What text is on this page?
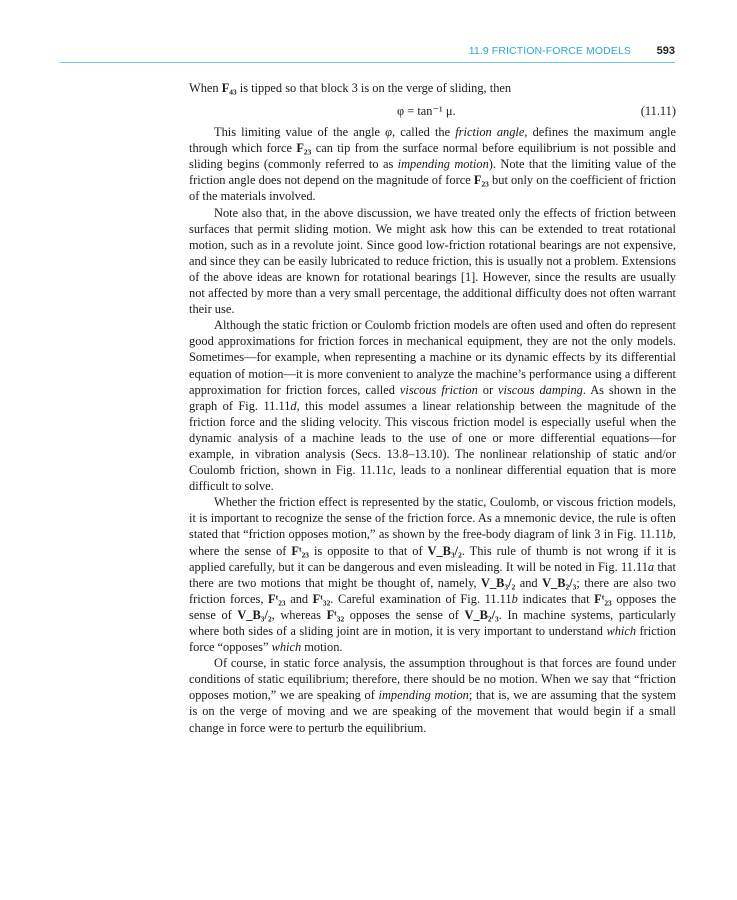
11.9 FRICTION-FORCE MODELS 593

When F₄₃ is tipped so that block 3 is on the verge of sliding, then

φ = tan⁻¹ μ.	(11.11)

This limiting value of the angle φ, called the friction angle, defines the maximum angle through which force F₂₃ can tip from the surface normal before equilibrium is not possible and sliding begins (commonly referred to as impending motion). Note that the limiting value of the friction angle does not depend on the magnitude of force F₂₃ but only on the coefficient of friction of the materials involved.

Note also that, in the above discussion, we have treated only the effects of friction between surfaces that permit sliding motion. We might ask how this can be extended to treat rotational motion, such as in a revolute joint. Since good low-friction rotational bearings are not expensive, and since they can be easily lubricated to reduce friction, this is usually not a problem. Extensions of the above ideas are known for rotational bearings [1]. However, since the results are usually not affected by more than a very small percentage, the additional difficulty does not often warrant their use.

Although the static friction or Coulomb friction models are often used and often do represent good approximations for friction forces in mechanical equipment, they are not the only models. Sometimes—for example, when representing a machine or its dynamic effects by its differential equation of motion—it is more convenient to analyze the machine’s performance using a different approximation for friction forces, called viscous friction or viscous damping. As shown in the graph of Fig. 11.11d, this model assumes a linear relationship between the magnitude of the friction force and the sliding velocity. This viscous friction model is especially useful when the dynamic analysis of a machine leads to the use of one or more differential equations—for example, in vibration analysis (Secs. 13.8–13.10). The nonlinear relationship of static and/or Coulomb friction, shown in Fig. 11.11c, leads to a nonlinear differential equation that is more difficult to solve.

Whether the friction effect is represented by the static, Coulomb, or viscous friction models, it is important to recognize the sense of the friction force. As a mnemonic device, the rule is often stated that “friction opposes motion,” as shown by the free-body diagram of link 3 in Fig. 11.11b, where the sense of Fᵗ₂₃ is opposite to that of V_B₃/₂. This rule of thumb is not wrong if it is applied carefully, but it can be dangerous and even misleading. It will be noted in Fig. 11.11a that there are two motions that might be thought of, namely, V_B₃/₂ and V_B₂/₃; there are also two friction forces, Fᵗ₂₃ and Fᵗ₃₂. Careful examination of Fig. 11.11b indicates that Fᵗ₂₃ opposes the sense of V_B₃/₂, whereas Fᵗ₃₂ opposes the sense of V_B₂/₃. In machine systems, particularly where both sides of a sliding joint are in motion, it is very important to understand which friction force “opposes” which motion.

Of course, in static force analysis, the assumption throughout is that forces are found under conditions of static equilibrium; therefore, there should be no motion. When we say that “friction opposes motion,” we are speaking of impending motion; that is, we are assuming that the system is on the verge of moving and we are speaking of the movement that would begin if a small change in force were to perturb the equilibrium.
